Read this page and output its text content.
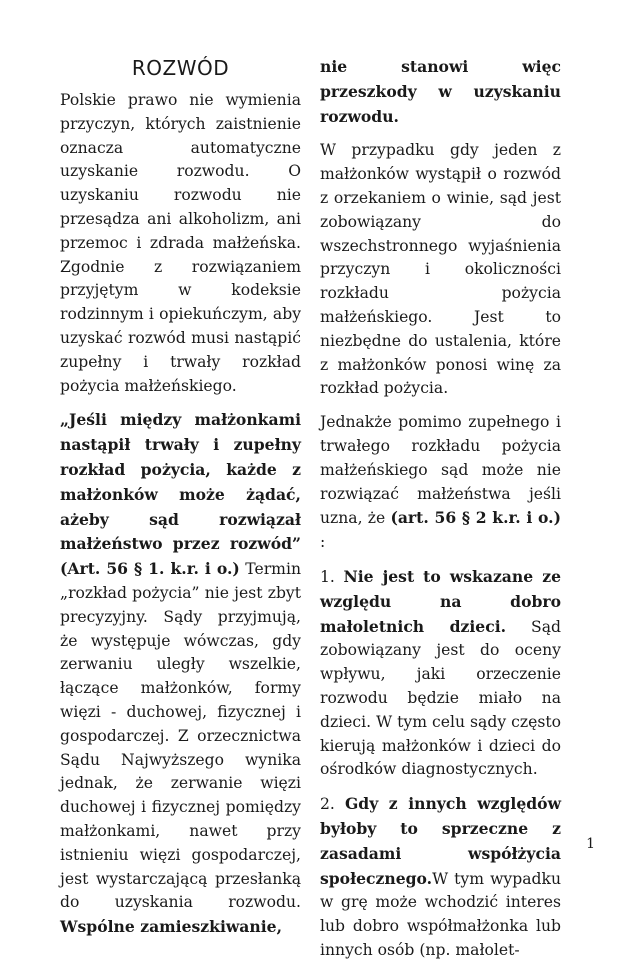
ROZWÓD

Polskie prawo nie wymienia przyczyn, których zaistnienie oznacza automatyczne uzyskanie rozwodu. O uzyskaniu rozwodu nie przesądza ani alkoholizm, ani przemoc i zdrada małżeńska. Zgodnie z rozwiązaniem przyjętym w kodeksie rodzinnym i opiekuńczym, aby uzyskać rozwód musi nastąpić zupełny i trwały rozkład pożycia małżeńskiego.

„Jeśli między małżonkami nastąpił trwały i zupełny rozkład pożycia, każde z małżonków może żądać, ażeby sąd rozwiązał małżeństwo przez rozwód” (Art. 56 § 1. k.r. i o.) Termin „rozkład pożycia” nie jest zbyt precyzyjny. Sądy przyjmują, że występuje wówczas, gdy zerwaniu uległy wszelkie, łączące małżonków, formy więzi - duchowej, fizycznej i gospodarczej. Z orzecznictwa Sądu Najwyższego wynika jednak, że zerwanie więzi duchowej i fizycznej pomiędzy małżonkami, nawet przy istnieniu więzi gospodarczej, jest wystarczającą przesłanką do uzyskania rozwodu. Wspólne zamieszkiwanie,

nie stanowi więc przeszkody w uzyskaniu rozwodu.

W przypadku gdy jeden z małżonków wystąpił o rozwód z orzekaniem o winie, sąd jest zobowiązany do wszechstronnego wyjaśnienia przyczyn i okoliczności rozkładu pożycia małżeńskiego. Jest to niezbędne do ustalenia, które z małżonków ponosi winę za rozkład pożycia.

Jednakże pomimo zupełnego i trwałego rozkładu pożycia małżeńskiego sąd może nie rozwiązać małżeństwa jeśli uzna, że (art. 56 § 2 k.r. i o.) :

1. Nie jest to wskazane ze względu na dobro małoletnich dzieci. Sąd zobowiązany jest do oceny wpływu, jaki orzeczenie rozwodu będzie miało na dzieci. W tym celu sądy często kierują małżonków i dzieci do ośrodków diagnostycznych.

2. Gdy z innych względów byłoby to sprzeczne z zasadami współżycia społecznego.W tym wypadku w grę może wchodzić interes lub dobro współmałżonka lub innych osób (np. małolet-

1
